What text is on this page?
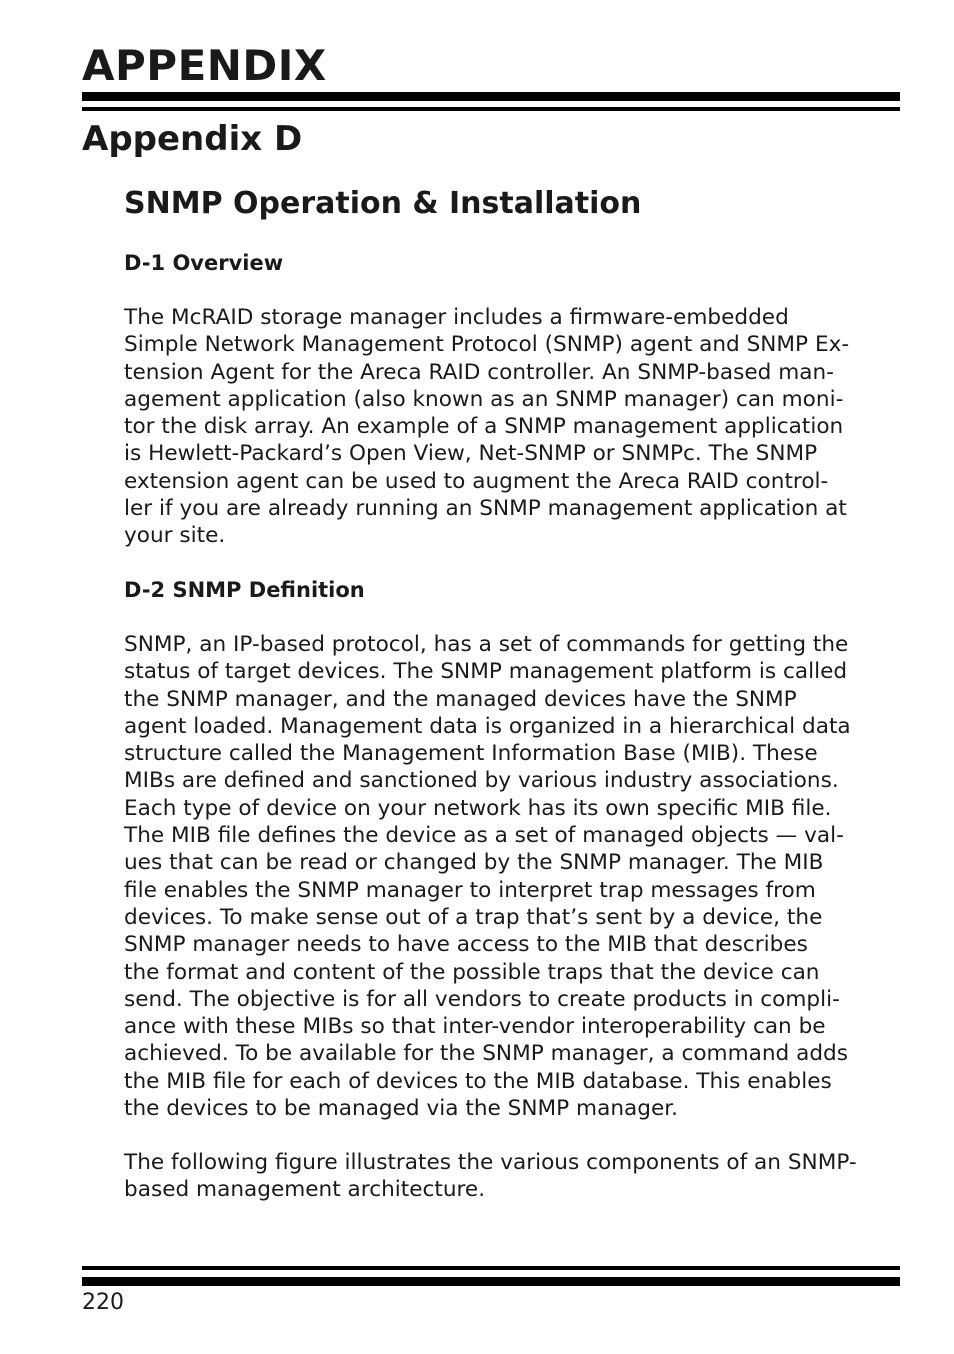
APPENDIX
Appendix D
SNMP Operation & Installation
D-1 Overview

The McRAID storage manager includes a firmware-embedded
Simple Network Management Protocol (SNMP) agent and SNMP Ex-
tension Agent for the Areca RAID controller. An SNMP-based man-
agement application (also known as an SNMP manager) can moni-
tor the disk array. An example of a SNMP management application
is Hewlett-Packard’s Open View, Net-SNMP or SNMPc. The SNMP
extension agent can be used to augment the Areca RAID control-
ler if you are already running an SNMP management application at
your site.

D-2 SNMP Definition

SNMP, an IP-based protocol, has a set of commands for getting the
status of target devices. The SNMP management platform is called
the SNMP manager, and the managed devices have the SNMP
agent loaded. Management data is organized in a hierarchical data
structure called the Management Information Base (MIB). These
MIBs are defined and sanctioned by various industry associations.
Each type of device on your network has its own specific MIB file.
The MIB file defines the device as a set of managed objects — val-
ues that can be read or changed by the SNMP manager. The MIB
file enables the SNMP manager to interpret trap messages from
devices. To make sense out of a trap that’s sent by a device, the
SNMP manager needs to have access to the MIB that describes
the format and content of the possible traps that the device can
send. The objective is for all vendors to create products in compli-
ance with these MIBs so that inter-vendor interoperability can be
achieved. To be available for the SNMP manager, a command adds
the MIB file for each of devices to the MIB database. This enables
the devices to be managed via the SNMP manager.

The following figure illustrates the various components of an SNMP-
based management architecture.

220
